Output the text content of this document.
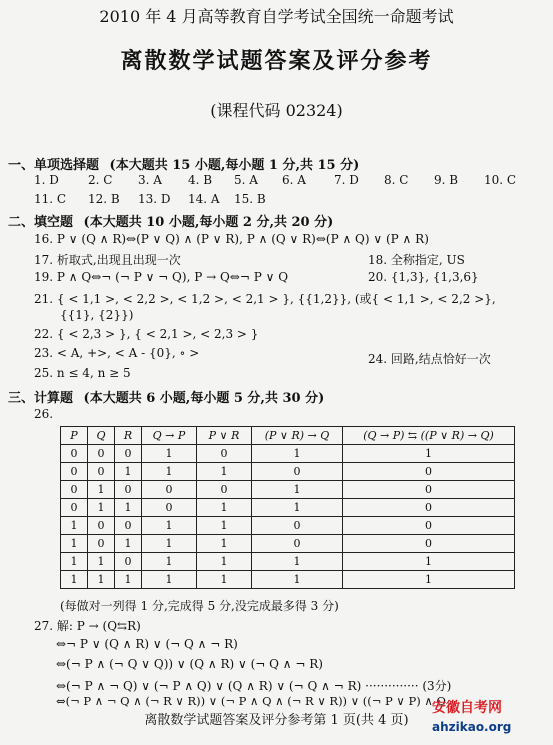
2010 年 4 月高等教育自学考试全国统一命题考试
离散数学试题答案及评分参考
(课程代码 02324)
一、单项选择题 (本大题共 15 小题,每小题 1 分,共 15 分)
1. D 2. C 3. A 4. B 5. A 6. A 7. D 8. C 9. B 10. C
11. C 12. B 13. D 14. A 15. B
二、填空题 (本大题共 10 小题,每小题 2 分,共 20 分)
16. P ∨ (Q ∧ R)⇔(P ∨ Q) ∧ (P ∨ R), P ∧ (Q ∨ R)⇔(P ∧ Q) ∨ (P ∧ R)
17. 析取式,出现且出现一次	18. 全称指定, US
19. P ∧ Q⇔¬ (¬ P ∨ ¬ Q), P → Q⇔¬ P ∨ Q	20. {1,3}, {1,3,6}
21. { < 1,1 >, < 2,2 >, < 1,2 >, < 2,1 > }, {{1,2}}, (或{ < 1,1 >, < 2,2 >},
{{1}, {2}})
22. { < 2,3 > }, { < 2,1 >, < 2,3 > }
23. < A, +>, < A - {0}, ∘ >	24. 回路,结点恰好一次
25. n ≤ 4, n ≥ 5
三、计算题 (本大题共 6 小题,每小题 5 分,共 30 分)
26.
P	Q	R	Q → P	P ∨ R	(P ∨ R) → Q	(Q → P) ⇆ ((P ∨ R) → Q)
0	0	0	1	0	1	1
0	0	1	1	1	0	0
0	1	0	0	0	1	0
0	1	1	0	1	1	0
1	0	0	1	1	0	0
1	0	1	1	1	0	0
1	1	0	1	1	1	1
1	1	1	1	1	1	1
(每做对一列得 1 分,完成得 5 分,没完成最多得 3 分)
27. 解: P → (Q⇆R)
⇔¬ P ∨ (Q ∧ R) ∨ (¬ Q ∧ ¬ R)
⇔(¬ P ∧ (¬ Q ∨ Q)) ∨ (Q ∧ R) ∨ (¬ Q ∧ ¬ R)
⇔(¬ P ∧ ¬ Q) ∨ (¬ P ∧ Q) ∨ (Q ∧ R) ∨ (¬ Q ∧ ¬ R) ·············· (3分)
⇔(¬ P ∧ ¬ Q ∧ (¬ R ∨ R)) ∨ (¬ P ∧ Q ∧ (¬ R ∨ R)) ∨ ((¬ P ∨ P) ∧ Q
离散数学试题答案及评分参考第 1 页(共 4 页)
安徽自考网
ahzikao.org
